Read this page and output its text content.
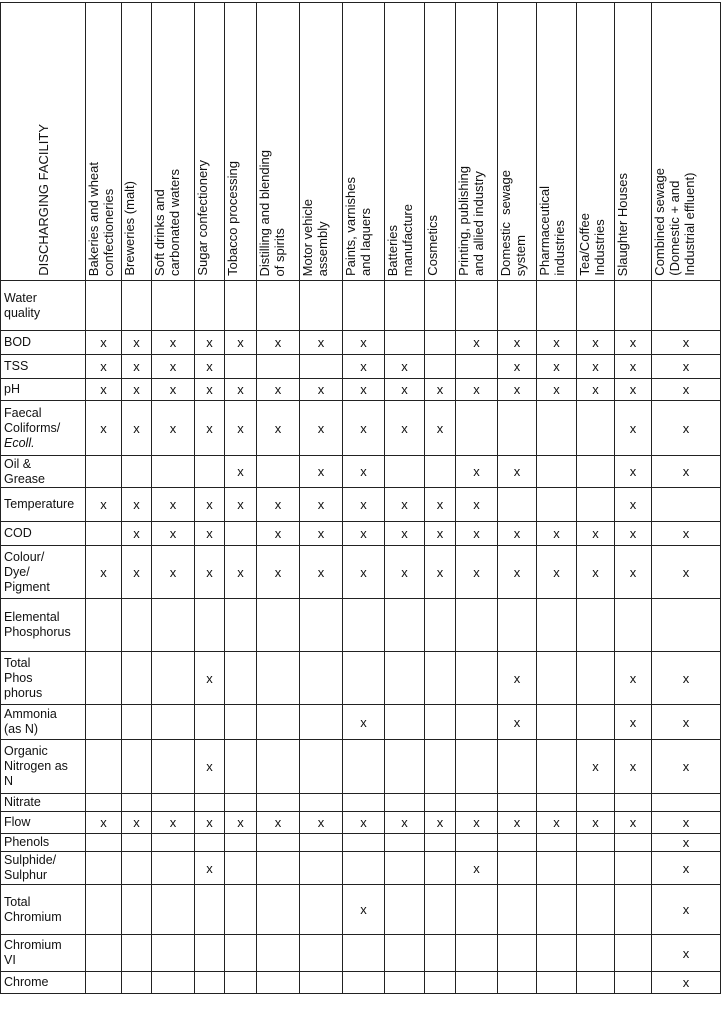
DISCHARGING FACILITY	Bakeries and wheat
confectioneries	Breweries (malt)	Soft drinks and
carbonated waters	Sugar confectionery	Tobacco processing	Distilling and blending
of spirits	Motor vehicle
assembly	Paints, varnishes
and laquers	Batteries
manufacture	Cosmetics	Printing, publishing
and allied industry	Domestic  sewage
system	Pharmaceutical
industries	Tea/Coffee
Industries	Slaughter Houses	Combined sewage
(Domestic + and
Industrial effluent)
Water
quality																
BOD	x	x	x	x	x	x	x	x			x	x	x	x	x	x
TSS	x	x	x	x				x	x			x	x	x	x	x
pH	x	x	x	x	x	x	x	x	x	x	x	x	x	x	x	x
Faecal
Coliforms/
Ecoll.	x	x	x	x	x	x	x	x	x	x					x	x
Oil &
Grease					x		x	x			x	x			x	x
Temperature	x	x	x	x	x	x	x	x	x	x	x				x	
COD		x	x	x		x	x	x	x	x	x	x	x	x	x	x
Colour/
Dye/
Pigment	x	x	x	x	x	x	x	x	x	x	x	x	x	x	x	x
Elemental
Phosphorus																
Total
Phos
phorus				x								x			x	x
Ammonia
(as N)								x				x			x	x
Organic
Nitrogen as
N				x										x	x	x
Nitrate																
Flow	x	x	x	x	x	x	x	x	x	x	x	x	x	x	x	x
Phenols																x
Sulphide/
Sulphur				x							x					x
Total
Chromium								x								x
Chromium
VI																x
Chrome																x
